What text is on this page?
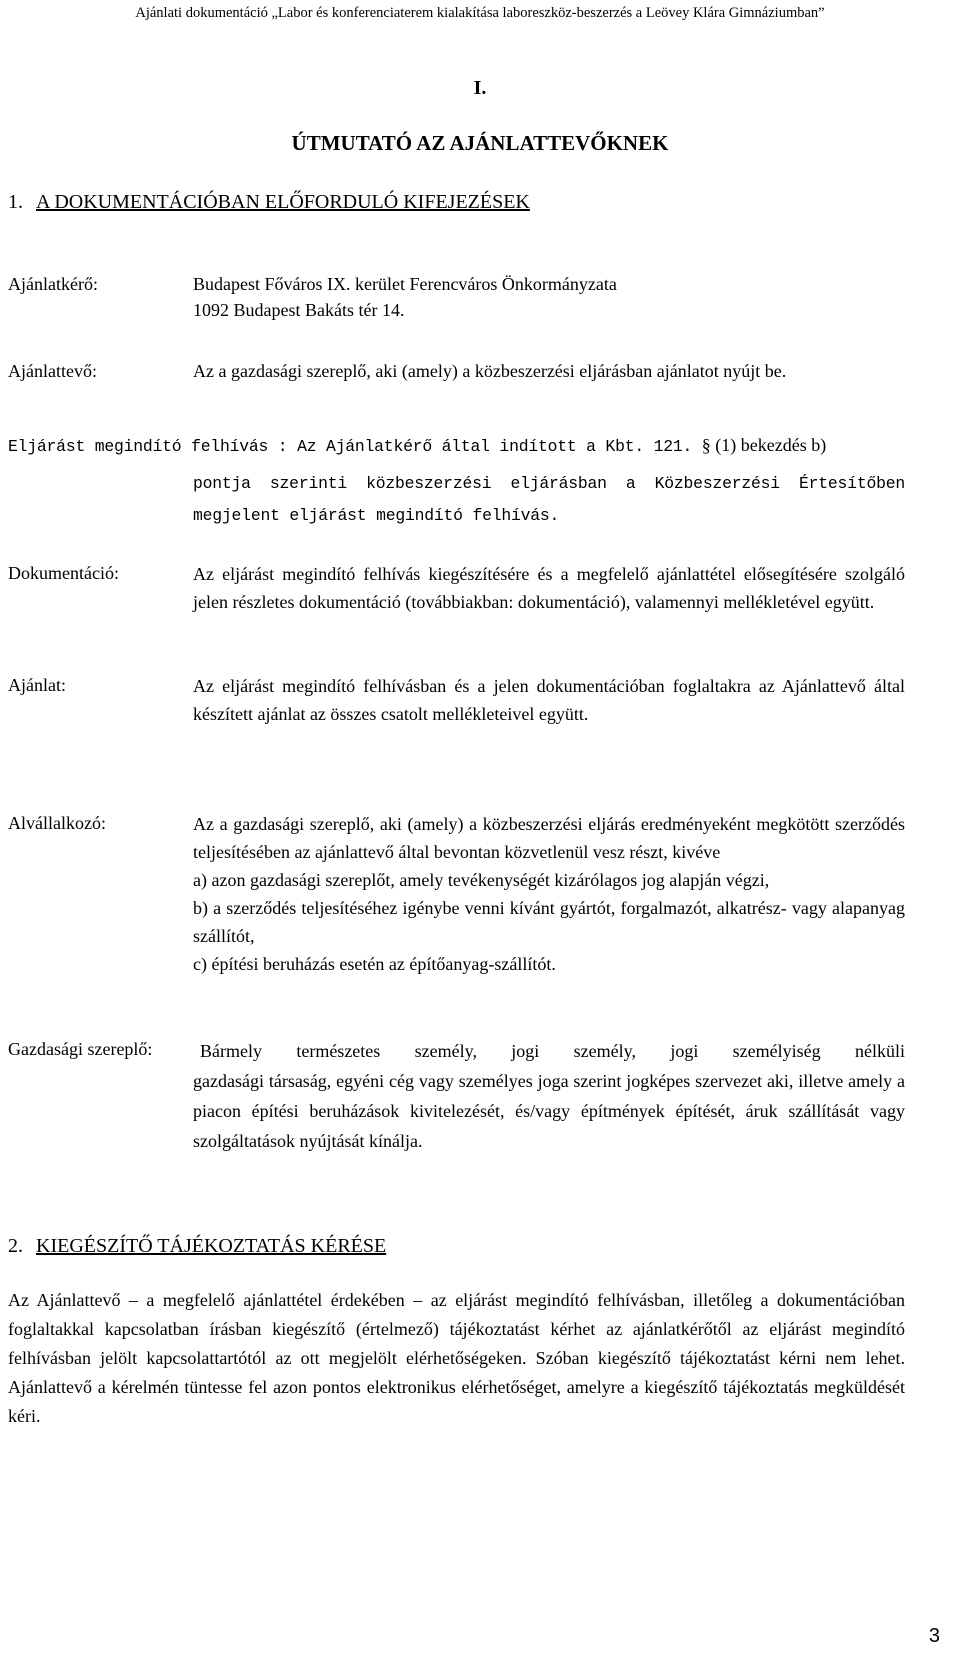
Ajánlati dokumentáció „Labor és konferenciaterem kialakítása laboreszköz-beszerzés a Leövey Klára Gimnáziumban”
I.
ÚTMUTATÓ AZ AJÁNLATTEVŐKNEK
1. A DOKUMENTÁCIÓBAN ELŐFORDULÓ KIFEJEZÉSEK
Ajánlatkérő:	Budapest Főváros IX. kerület Ferencváros Önkormányzata

1092 Budapest Bakáts tér 14.

Ajánlattevő:	Az a gazdasági szereplő, aki (amely) a közbeszerzési eljárásban ajánlatot nyújt be.

Eljárást megindító felhívás : Az Ajánlatkérő által indított a Kbt. 121. § (1) bekezdés b)

pontja szerinti közbeszerzési eljárásban a Közbeszerzési Értesítőben megjelent eljárást megindító felhívás.

Dokumentáció:	Az eljárást megindító felhívás kiegészítésére és a megfelelő ajánlattétel elősegítésére szolgáló jelen részletes dokumentáció (továbbiakban: dokumentáció), valamennyi mellékletével együtt.

Ajánlat:	Az eljárást megindító felhívásban és a jelen dokumentációban foglaltakra az Ajánlattevő által készített ajánlat az összes csatolt mellékleteivel együtt.

Alvállalkozó:	Az a gazdasági szereplő, aki (amely) a közbeszerzési eljárás eredményeként megkötött szerződés teljesítésében az ajánlattevő által bevontan közvetlenül vesz részt, kivéve

a) azon gazdasági szereplőt, amely tevékenységét kizárólagos jog alapján végzi,

b) a szerződés teljesítéséhez igénybe venni kívánt gyártót, forgalmazót, alkatrész- vagy alapanyag szállítót,

c) építési beruházás esetén az építőanyag-szállítót.

Gazdasági szereplő:	Bármely természetes személy, jogi személy, jogi személyiség nélküli

gazdasági társaság, egyéni cég vagy személyes joga szerint jogképes szervezet aki, illetve amely a piacon építési beruházások kivitelezését, és/vagy építmények építését, áruk szállítását vagy szolgáltatások nyújtását kínálja.

2. KIEGÉSZÍTŐ TÁJÉKOZTATÁS KÉRÉSE

Az Ajánlattevő – a megfelelő ajánlattétel érdekében – az eljárást megindító felhívásban, illetőleg a dokumentációban foglaltakkal kapcsolatban írásban kiegészítő (értelmező) tájékoztatást kérhet az ajánlatkérőtől az eljárást megindító felhívásban jelölt kapcsolattartótól az ott megjelölt elérhetőségeken. Szóban kiegészítő tájékoztatást kérni nem lehet. Ajánlattevő a kérelmén tüntesse fel azon pontos elektronikus elérhetőséget, amelyre a kiegészítő tájékoztatás megküldését kéri.

3
